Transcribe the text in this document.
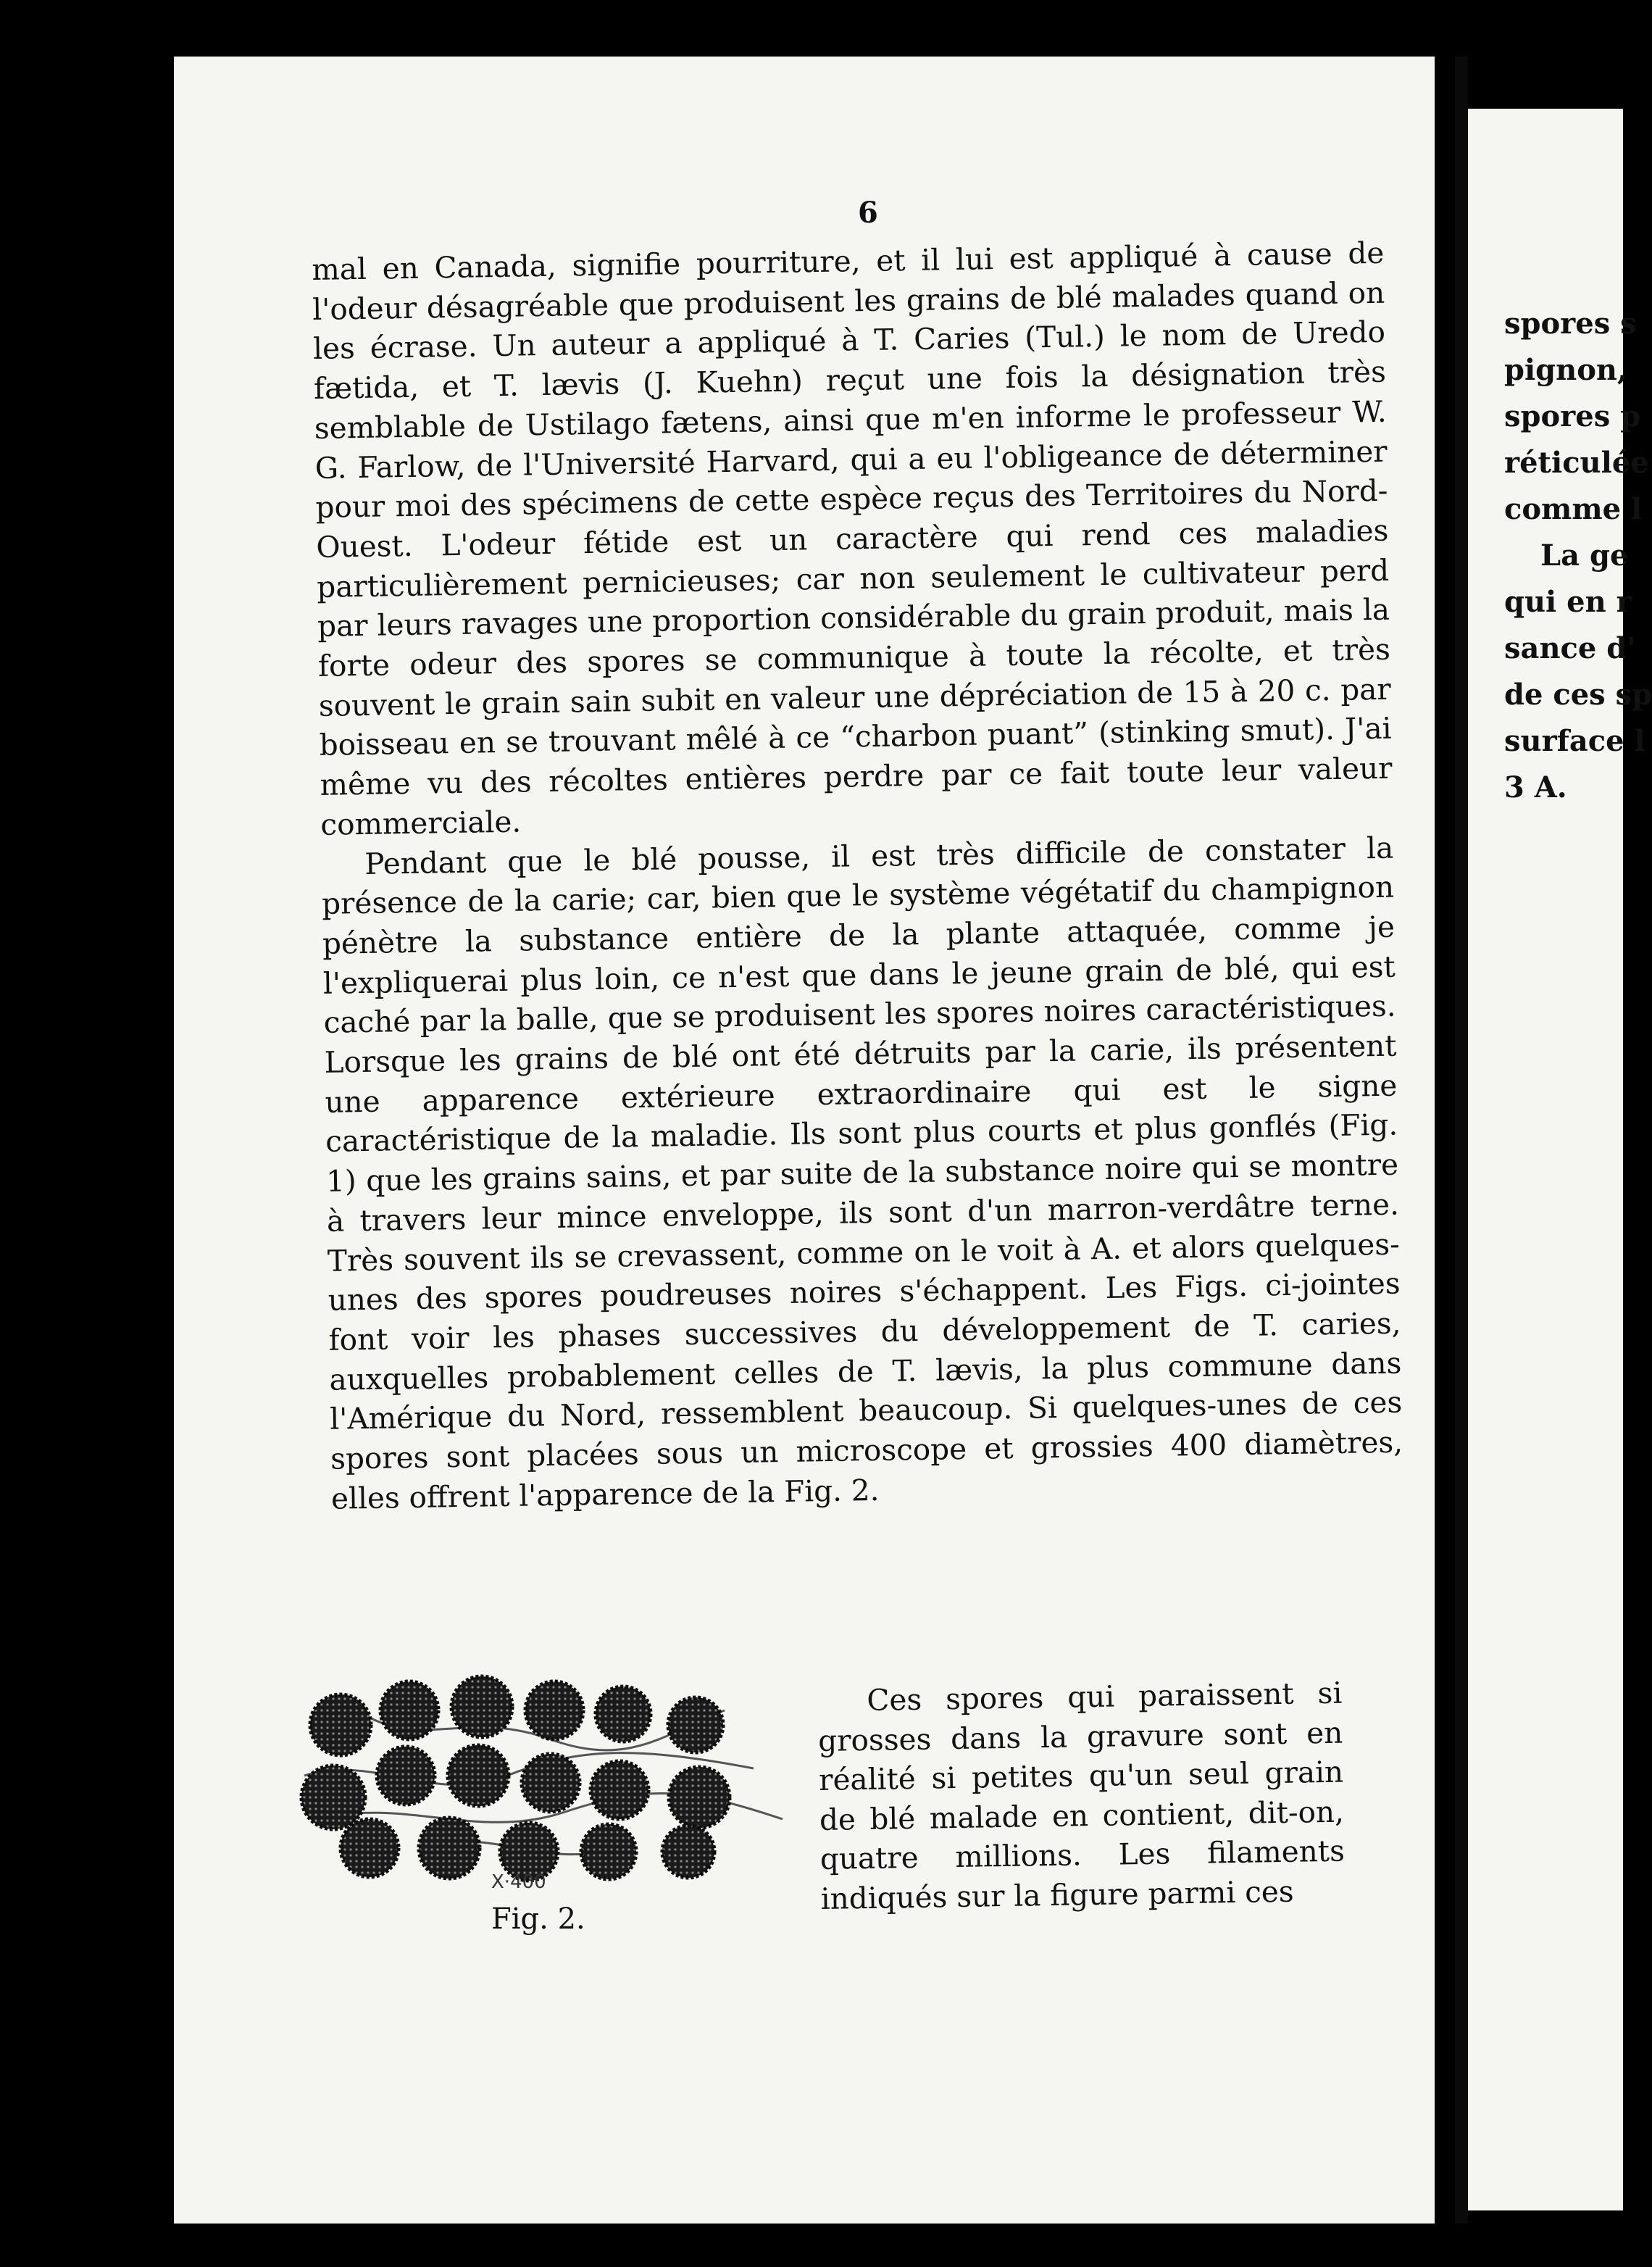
spores s
pignon,
spores p
réticulée
comme l
La ge
qui en r
sance d'
de ces sp
surface l
3 A.
6

mal en Canada, signifie pourriture, et il lui est appliqué à cause de l'odeur désagréable que produisent les grains de blé malades quand on les écrase. Un auteur a appliqué à T. Caries (Tul.) le nom de Uredo fætida, et T. lævis (J. Kuehn) reçut une fois la désignation très semblable de Ustilago fætens, ainsi que m'en informe le professeur W. G. Farlow, de l'Université Harvard, qui a eu l'obligeance de déterminer pour moi des spécimens de cette espèce reçus des Territoires du Nord-Ouest. L'odeur fétide est un caractère qui rend ces maladies particulièrement pernicieuses; car non seulement le cultivateur perd par leurs ravages une proportion considérable du grain produit, mais la forte odeur des spores se communique à toute la récolte, et très souvent le grain sain subit en valeur une dépréciation de 15 à 20 c. par boisseau en se trouvant mêlé à ce “charbon puant” (stinking smut). J'ai même vu des récoltes entières perdre par ce fait toute leur valeur commerciale.

Pendant que le blé pousse, il est très difficile de constater la présence de la carie; car, bien que le système végétatif du champignon pénètre la substance entière de la plante attaquée, comme je l'expliquerai plus loin, ce n'est que dans le jeune grain de blé, qui est caché par la balle, que se produisent les spores noires caractéristiques. Lorsque les grains de blé ont été détruits par la carie, ils présentent une apparence extérieure extraordinaire qui est le signe caractéristique de la maladie. Ils sont plus courts et plus gonflés (Fig. 1) que les grains sains, et par suite de la substance noire qui se montre à travers leur mince enveloppe, ils sont d'un marron-verdâtre terne. Très souvent ils se crevassent, comme on le voit à A. et alors quelques-unes des spores poudreuses noires s'échappent. Les Figs. ci-jointes font voir les phases successives du développement de T. caries, auxquelles probablement celles de T. lævis, la plus commune dans l'Amérique du Nord, ressemblent beaucoup. Si quelques-unes de ces spores sont placées sous un microscope et grossies 400 diamètres, elles offrent l'apparence de la Fig. 2.

X·400
Fig. 2.

Ces spores qui paraissent si grosses dans la gravure sont en réalité si petites qu'un seul grain de blé malade en contient, dit-on, quatre millions. Les filaments indiqués sur la figure parmi ces
